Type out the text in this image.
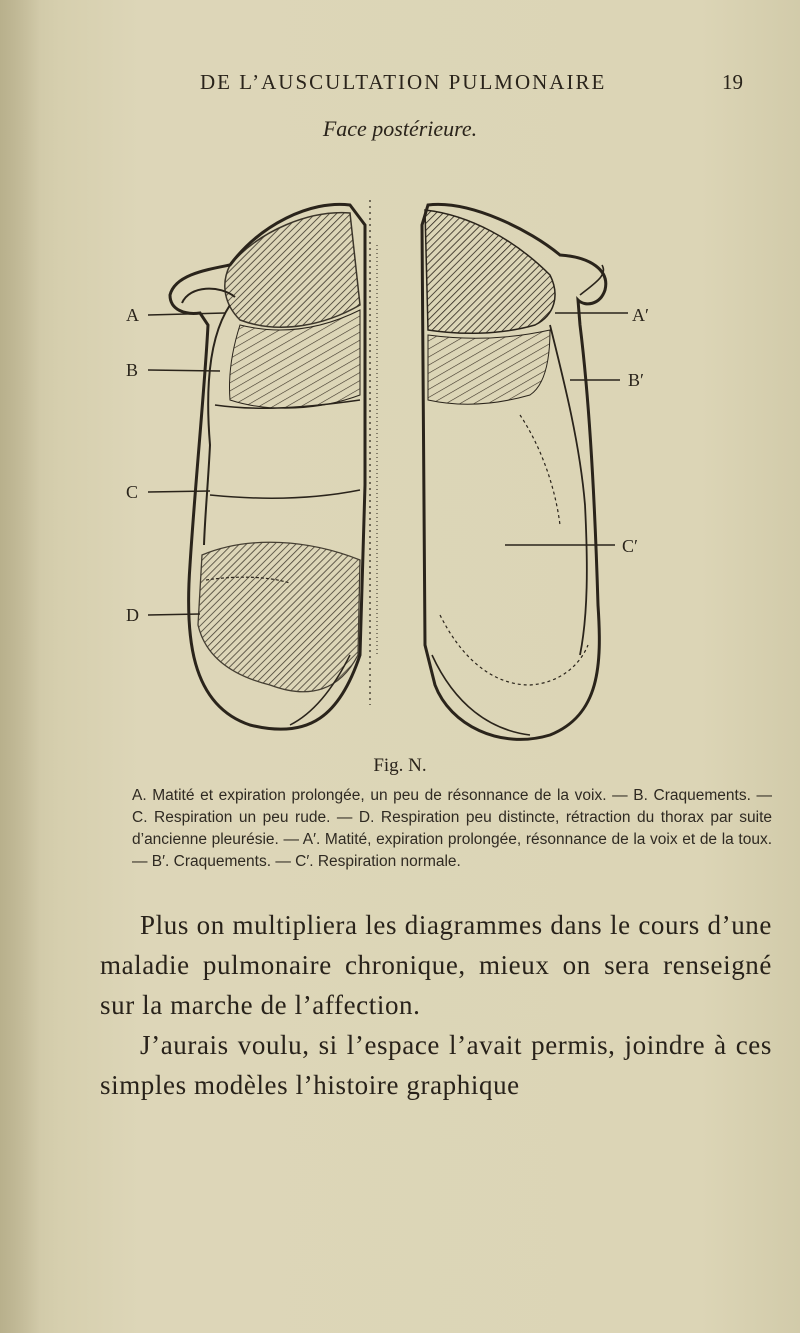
DE L’AUSCULTATION PULMONAIRE	19
Face postérieure.
A
B
C
D
A′
B′
C′
Fig. N.

A. Matité et expiration prolongée, un peu de résonnance de la voix. — B. Craquements. — C. Respiration un peu rude. — D. Respiration peu distincte, rétraction du thorax par suite d’ancienne pleurésie. — A′. Matité, expiration prolongée, résonnance de la voix et de la toux. — B′. Craquements. — C′. Respiration normale.

Plus on multipliera les diagrammes dans le cours d’une maladie pulmonaire chronique, mieux on sera renseigné sur la marche de l’affection.

J’aurais voulu, si l’espace l’avait permis, joindre à ces simples modèles l’histoire graphique
